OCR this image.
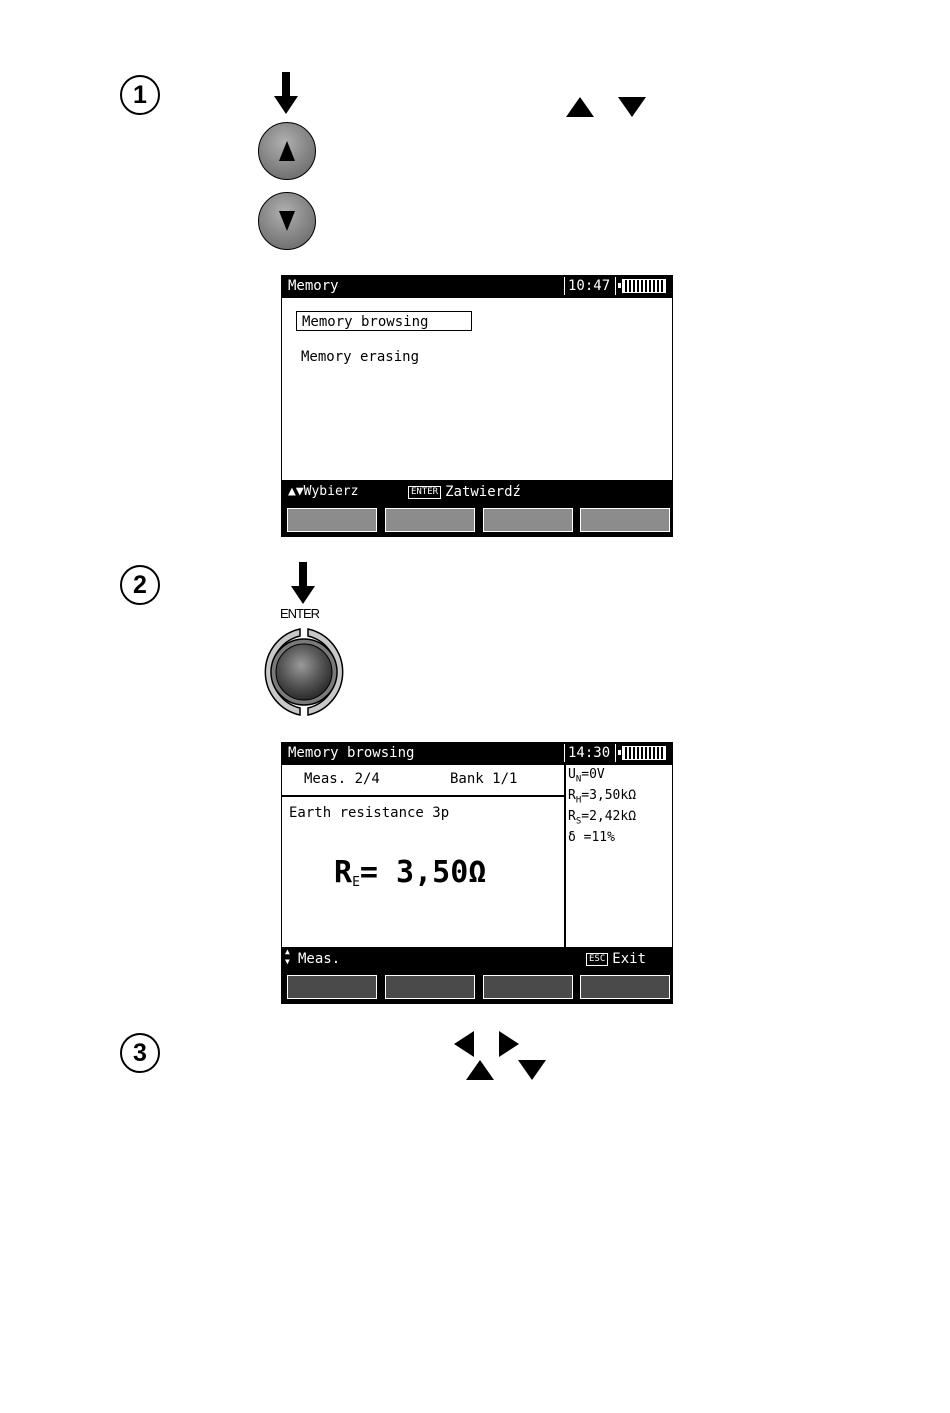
1
Memory	10:47
Memory browsing
Memory erasing
▲▼Wybierz	ENTER Zatwierdź
2
ENTER
Memory browsing	14:30
Meas. 2/4	Bank 1/1
Earth resistance 3p
$R_E= 3,50\Omega$
$U_N=0V$
$R_H=3,50k\Omega$
$R_S=2,42k\Omega$
δ =11%
▲
▼ Meas.	ESC Exit
3
